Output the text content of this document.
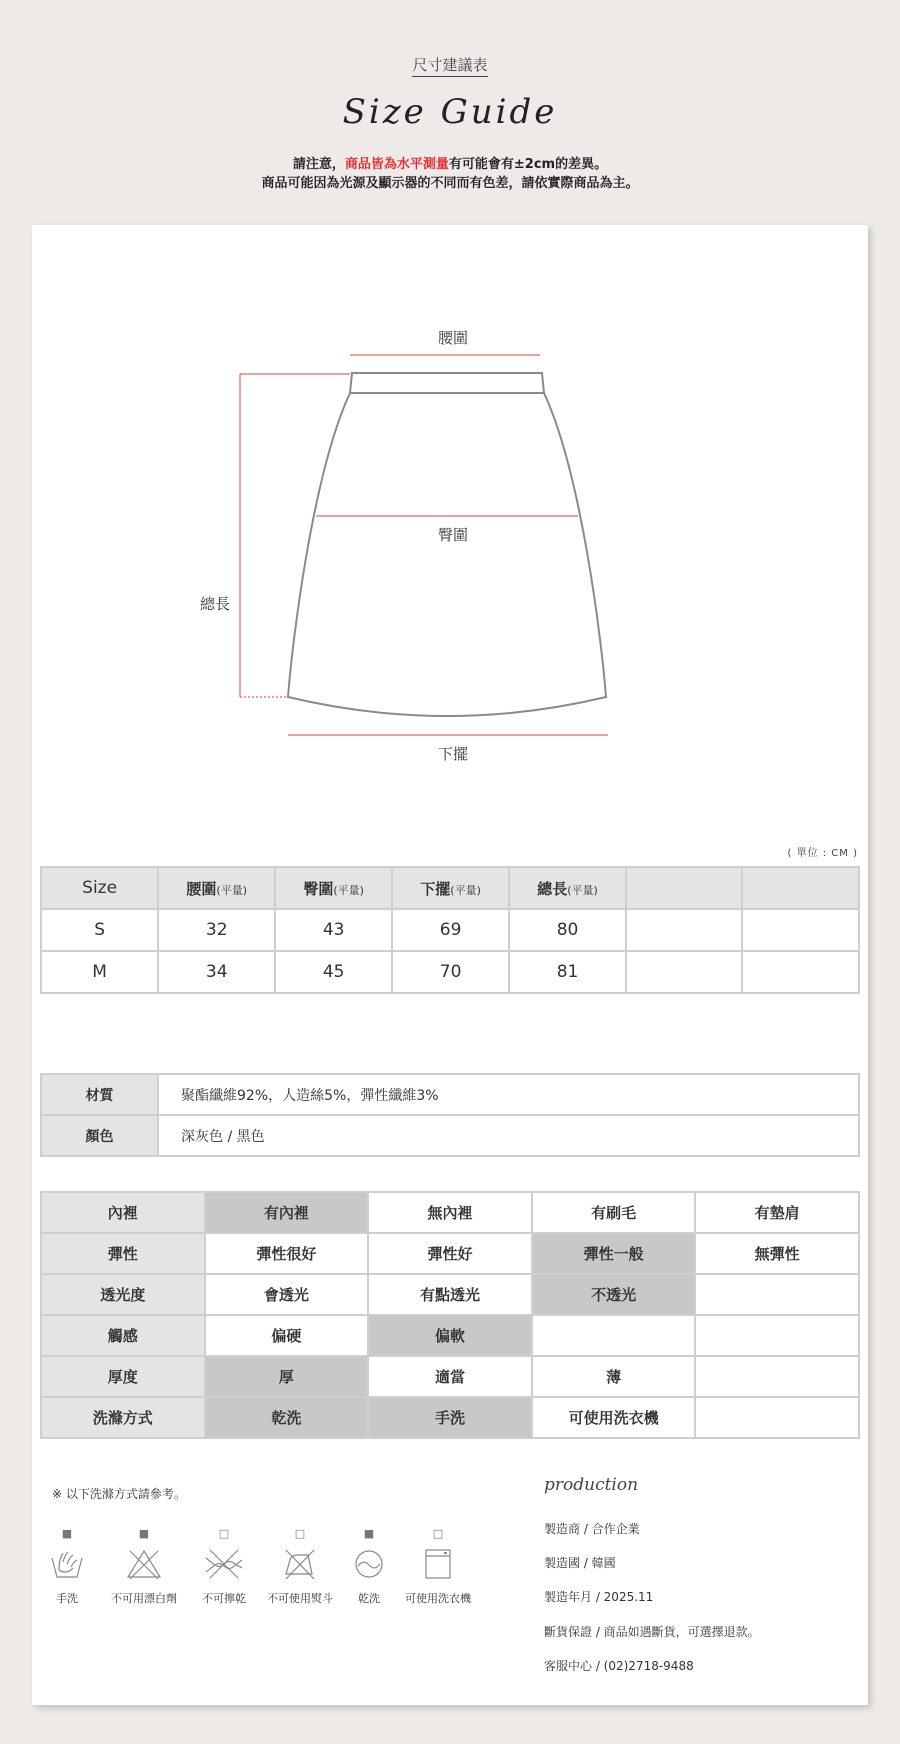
尺寸建議表
Size Guide
請注意，商品皆為水平測量有可能會有±2cm的差異。
商品可能因為光源及顯示器的不同而有色差，請依實際商品為主。
腰圍
臀圍
總長
下擺
( 單位 : CM )
Size	腰圍(平量)	臀圍(平量)	下擺(平量)	總長(平量)		
S	32	43	69	80		
M	34	45	70	81		
材質	聚酯纖維92%，人造絲5%，彈性纖維3%
顏色	深灰色 / 黑色
內裡	有內裡	無內裡	有刷毛	有墊肩
彈性	彈性很好	彈性好	彈性一般	無彈性
透光度	會透光	有點透光	不透光	
觸感	偏硬	偏軟		
厚度	厚	適當	薄	
洗滌方式	乾洗	手洗	可使用洗衣機	
※ 以下洗滌方式請參考。
■
手洗
■
不可用漂白劑
□
不可擰乾
□
不可使用熨斗
■
乾洗
□
可使用洗衣機
production
製造商 / 合作企業
製造國 / 韓國
製造年月 / 2025.11
斷貨保證 / 商品如遇斷貨，可選擇退款。
客服中心 / (02)2718-9488
